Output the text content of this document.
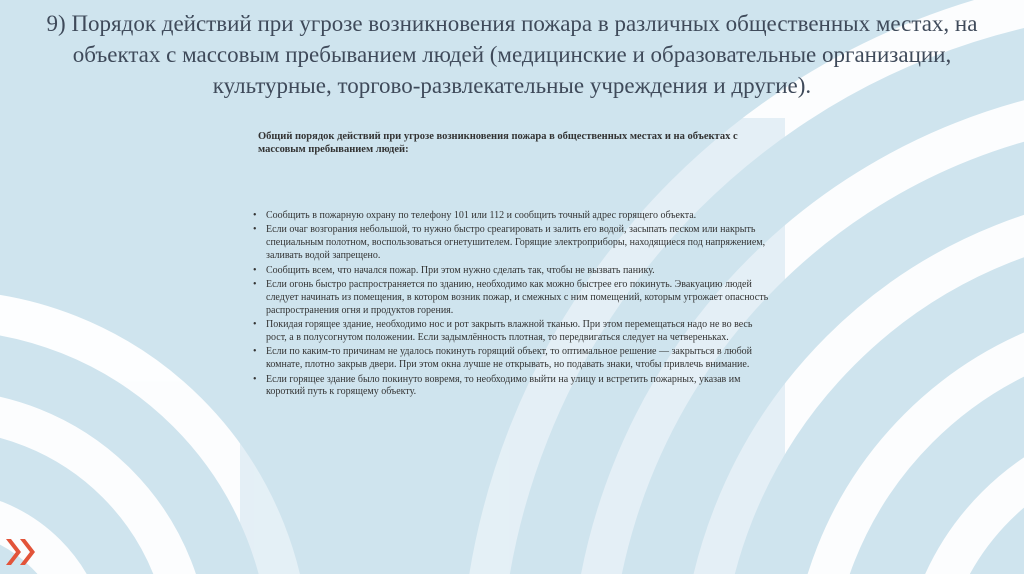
9) Порядок действий при угрозе возникновения пожара в различных общественных местах, на объектах с массовым пребыванием людей (медицинские и образовательные организации, культурные, торгово-развлекательные учреждения и другие).

Общий порядок действий при угрозе возникновения пожара в общественных местах и на объектах с массовым пребыванием людей:

• Сообщить в пожарную охрану по телефону 101 или 112 и сообщить точный адрес горящего объекта.
• Если очаг возгорания небольшой, то нужно быстро среагировать и залить его водой, засыпать песком или накрыть специальным полотном, воспользоваться огнетушителем. Горящие электроприборы, находящиеся под напряжением, заливать водой запрещено.
• Сообщить всем, что начался пожар. При этом нужно сделать так, чтобы не вызвать панику.
• Если огонь быстро распространяется по зданию, необходимо как можно быстрее его покинуть. Эвакуацию людей следует начинать из помещения, в котором возник пожар, и смежных с ним помещений, которым угрожает опасность распространения огня и продуктов горения.
• Покидая горящее здание, необходимо нос и рот закрыть влажной тканью. При этом перемещаться надо не во весь рост, а в полусогнутом положении. Если задымлённость плотная, то передвигаться следует на четвереньках.
• Если по каким-то причинам не удалось покинуть горящий объект, то оптимальное решение — закрыться в любой комнате, плотно закрыв двери. При этом окна лучше не открывать, но подавать знаки, чтобы привлечь внимание.
• Если горящее здание было покинуто вовремя, то необходимо выйти на улицу и встретить пожарных, указав им короткий путь к горящему объекту.
